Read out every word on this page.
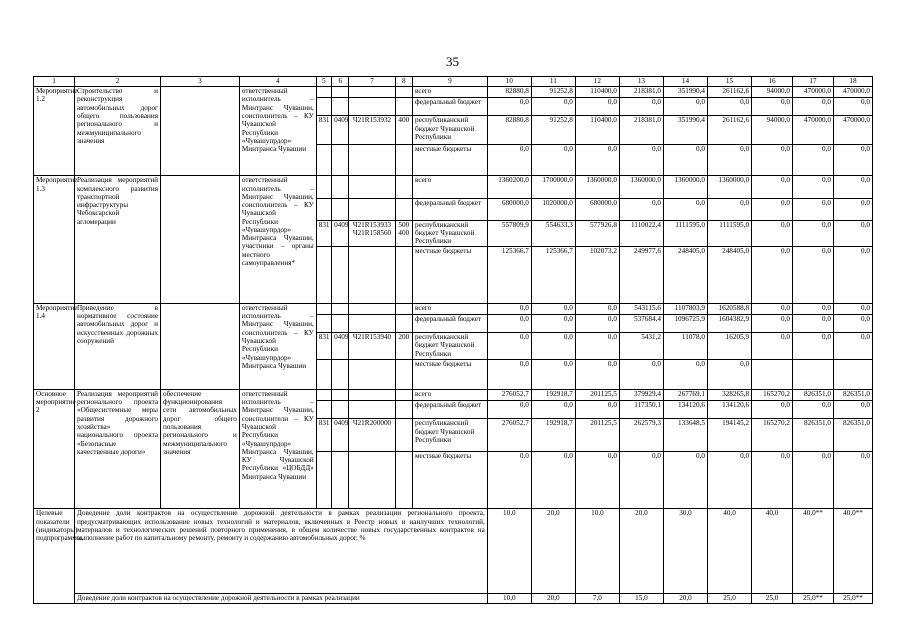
35
1	2	3	4	5	6	7	8	9	10	11	12	13	14	15	16	17	18
Мероприятие 1.2	Строительство и реконструкция автомобильных дорог общего пользования регионального и межмуниципального значения		ответственный исполнитель – Минтранс Чувашии, соисполнитель – КУ Чувашской Республики «Чувашупрдор» Минтранса Чувашии					всего	82880,8	91252,8	110400,0	218381,0	351990,4	261162,6	94000,0	470000,0	470000,0
								федеральный бюджет	0,0	0,0	0,0	0,0	0,0	0,0	0,0	0,0	0,0
				831	0409	Ч21R153932	400	республиканский бюджет Чувашской Республики	82880,8	91252,8	110400,0	218381,0	351990,4	261162,6	94000,0	470000,0	470000,0
								местные бюджеты	0,0	0,0	0,0	0,0	0,0	0,0	0,0	0,0	0,0
Мероприятие 1.3	Реализация мероприятий комплексного развития транспортной инфраструктуры Чебоксарской агломерации		ответственный исполнитель – Минтранс Чувашии, соисполнитель – КУ Чувашской Республики «Чувашупрдор» Минтранса Чувашии, участники – органы местного самоуправления*					всего	1360200,0	1700000,0	1360000,0	1360000,0	1360000,0	1360000,0	0,0	0,0	0,0
								федеральный бюджет	680000,0	1020000,0	680000,0	0,0	0,0	0,0	0,0	0,0	0,0
				831	0409	Ч21R153933 Ч21R158560	500 400	республиканский бюджет Чувашской Республики	557809,9	554633,3	577926,8	1110022,4	1111595,0	1111595,0	0,0	0,0	0,0
								местные бюджеты	125366,7	125366,7	102073,2	249977,6	248405,0	248405,0	0,0	0,0	0,0
Мероприятие 1.4	Приведение в нормативное состояние автомобильных дорог и искусственных дорожных сооружений		ответственный исполнитель – Минтранс Чувашии, соисполнитель – КУ Чувашской Республики «Чувашупрдор» Минтранса Чувашии					всего	0,0	0,0	0,0	543115,6	1107803,9	1620588,8	0,0	0,0	0,0
								федеральный бюджет	0,0	0,0	0,0	537684,4	1096725,9	1604382,9	0,0	0,0	0,0
				831	0409	Ч21R153940	200	республиканский бюджет Чувашской Республики	0,0	0,0	0,0	5431,2	11078,0	16205,9	0,0	0,0	0,0
								местные бюджеты	0,0	0,0	0,0	0,0	0,0	0,0			
Основное мероприятие 2	Реализация мероприятий регионального проекта «Общесистемные меры развития дорожного хозяйства» национального проекта «Безопасные качественные дороги»	обеспечение функционирования сети автомобильных дорог общего пользования регионального и межмуниципального значения	ответственный исполнитель – Минтранс Чувашии, соисполнители – КУ Чувашской Республики «Чувашупрдор» Минтранса Чувашии, КУ Чувашской Республики «ЦОБДД» Минтранса Чувашии					всего	276052,7	192918,7	201125,5	379929,4	267769,1	328265,8	165270,2	826351,0	826351,0
								федеральный бюджет	0,0	0,0	0,0	117350,1	134120,6	134120,6	0,0	0,0	0,0
				831	0409	Ч21R200000		республиканский бюджет Чувашской Республики	276052,7	192918,7	201125,5	262579,3	133648,5	194145,2	165270,2	826351,0	826351,0
								местные бюджеты	0,0	0,0	0,0	0,0	0,0	0,0	0,0	0,0	0,0
Целевые показатели (индикаторы) подпрограммы,	Доведение доли контрактов на осуществление дорожной деятельности в рамках реализации регионального проекта, предусматривающих использование новых технологий и материалов, включенных в Реестр новых и наилучших технологий, материалов и технологических решений повторного применения, в общем количестве новых государственных контрактов на выполнение работ по капитальному ремонту, ремонту и содержанию автомобильных дорог, %								10,0	20,0	10,0	20,0	30,0	40,0	40,0	40,0**	40,0**
	Доведение доли контрактов на осуществление дорожной деятельности в рамках реализации								10,0	20,0	7,0	15,0	20,0	25,0	25,0	25,0**	25,0**
